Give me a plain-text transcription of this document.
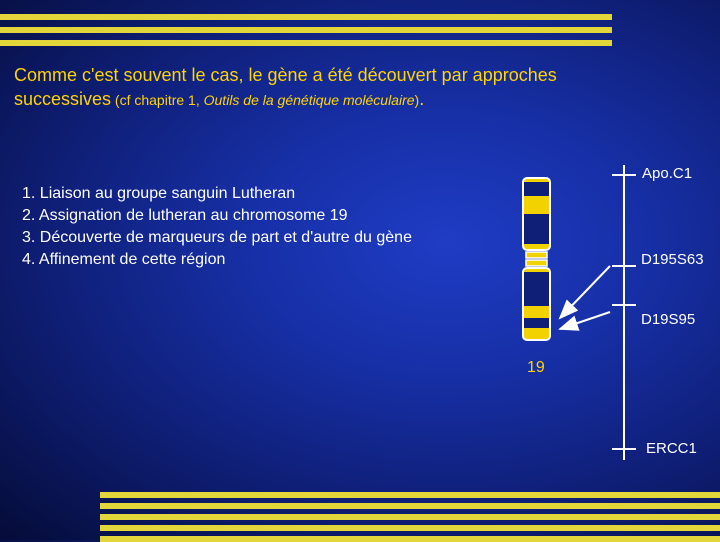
Comme c'est souvent le cas, le gène a été découvert par approches
successives (cf chapitre 1, Outils de la génétique moléculaire).
1. Liaison au groupe sanguin Lutheran
2. Assignation de lutheran au chromosome 19
3. Découverte de marqueurs de part et d'autre du gène
4. Affinement de cette région
Apo.C1
D195S63
D19S95
ERCC1
19
